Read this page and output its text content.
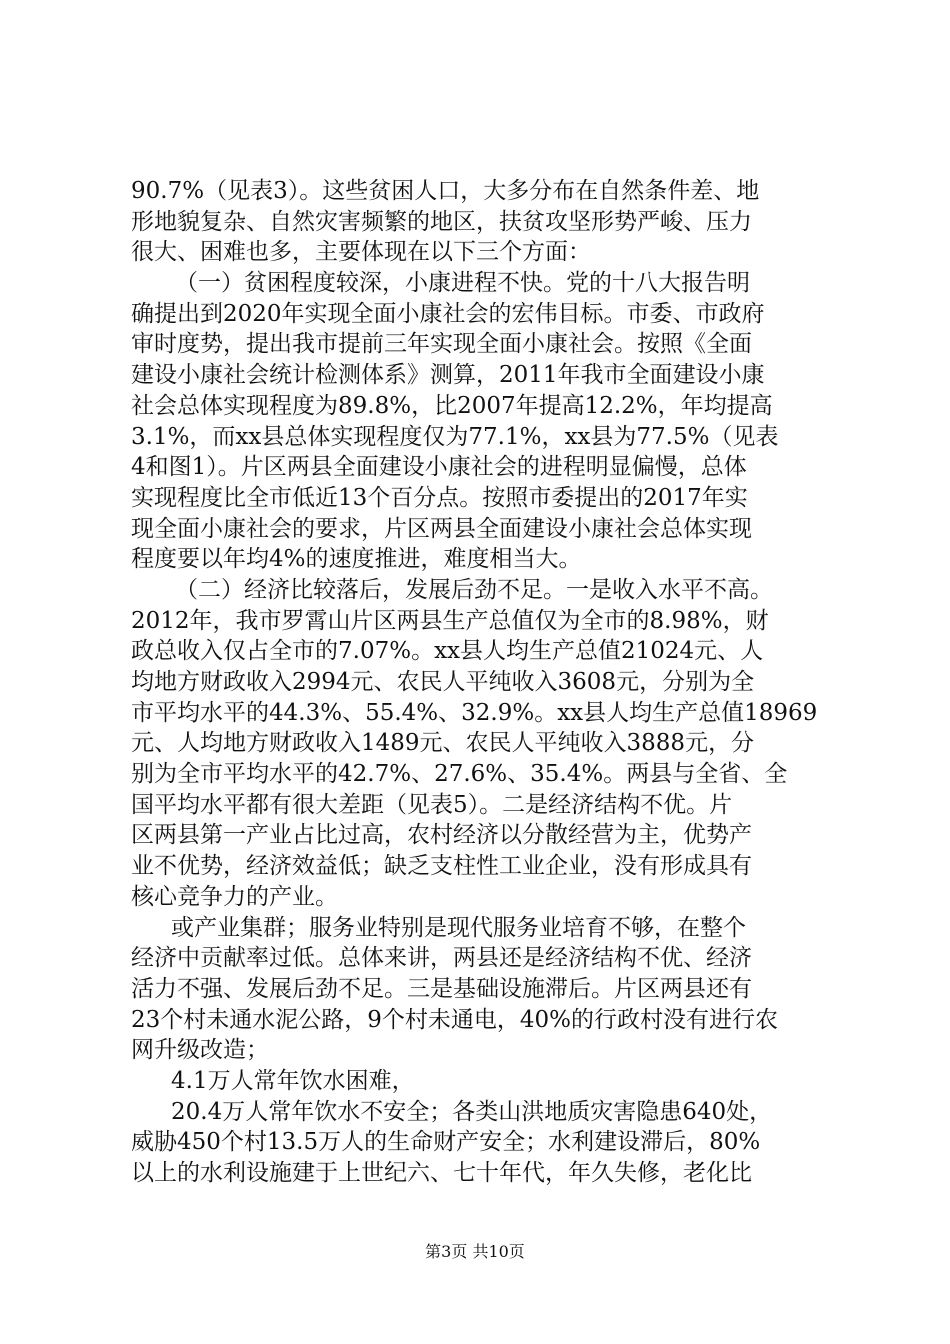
90.7%（见表3）。这些贫困人口，大多分布在自然条件差、地
形地貌复杂、自然灾害频繁的地区，扶贫攻坚形势严峻、压力
很大、困难也多，主要体现在以下三个方面：
（一）贫困程度较深，小康进程不快。党的十八大报告明
确提出到2020年实现全面小康社会的宏伟目标。市委、市政府
审时度势，提出我市提前三年实现全面小康社会。按照《全面
建设小康社会统计检测体系》测算，2011年我市全面建设小康
社会总体实现程度为89.8%，比2007年提高12.2%，年均提高
3.1%，而xx县总体实现程度仅为77.1%，xx县为77.5%（见表
4和图1）。片区两县全面建设小康社会的进程明显偏慢，总体
实现程度比全市低近13个百分点。按照市委提出的2017年实
现全面小康社会的要求，片区两县全面建设小康社会总体实现
程度要以年均4%的速度推进，难度相当大。
（二）经济比较落后，发展后劲不足。一是收入水平不高。
2012年，我市罗霄山片区两县生产总值仅为全市的8.98%，财
政总收入仅占全市的7.07%。xx县人均生产总值21024元、人
均地方财政收入2994元、农民人平纯收入3608元，分别为全
市平均水平的44.3%、55.4%、32.9%。xx县人均生产总值18969
元、人均地方财政收入1489元、农民人平纯收入3888元，分
别为全市平均水平的42.7%、27.6%、35.4%。两县与全省、全
国平均水平都有很大差距（见表5）。二是经济结构不优。片
区两县第一产业占比过高，农村经济以分散经营为主，优势产
业不优势，经济效益低；缺乏支柱性工业企业，没有形成具有
核心竞争力的产业。
或产业集群；服务业特别是现代服务业培育不够，在整个
经济中贡献率过低。总体来讲，两县还是经济结构不优、经济
活力不强、发展后劲不足。三是基础设施滞后。片区两县还有
23个村未通水泥公路，9个村未通电，40%的行政村没有进行农
网升级改造；
4.1万人常年饮水困难，
20.4万人常年饮水不安全；各类山洪地质灾害隐患640处，
威胁450个村13.5万人的生命财产安全；水利建设滞后，80%
以上的水利设施建于上世纪六、七十年代，年久失修，老化比
第3页 共10页
